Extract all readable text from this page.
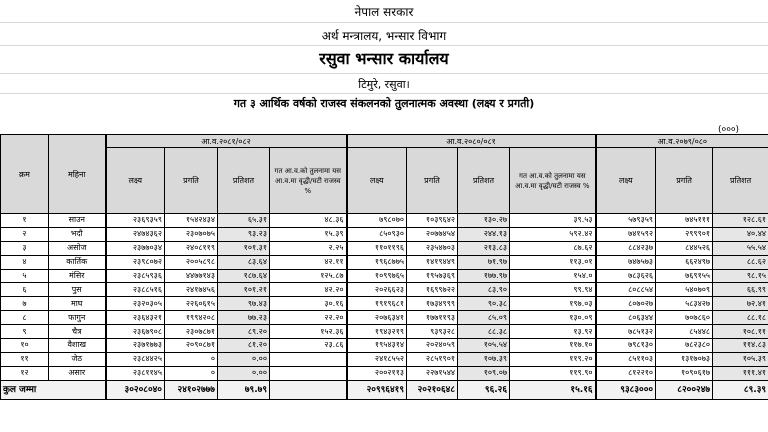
नेपाल सरकार
अर्थ मन्त्रालय, भन्सार विभाग
रसुवा भन्सार कार्यालय
टिमुरे, रसुवा।
गत ३ आर्थिक वर्षको राजस्व संकलनको तुलनात्मक अवस्था (लक्ष्य र प्रगती)
(०००)
क्रम	महिना	आ.व.२०८१/०८२				आ.व.२०८०/०८१				आ.व.२०७९/०८०		
		लक्ष्य	प्रगति	प्रतिशत	गत आ.व.को तुलनामा यस आ.व.मा वृद्धी/घटी राजस्व %	लक्ष्य	प्रगति	प्रतिशत	गत आ.व.को तुलनामा यस आ.व.मा वृद्धी/घटी राजस्व %	लक्ष्य	प्रगति	प्रतिशत
१	साउन	२३६९३५९	१५४२४३४	६५.३१	४८.३६	७९८०७०	१०३९६४२	१३०.२७	३९.५३	५७९३५९	७४५१११	१२८.६१
२	भदौ	२४७४३६२	२३०७०७५	९३.२३	१५.३९	८५०९३०	२०७७४५४	२४४.१३	५९२.४२	७४१५९२	२९९९०१	४०.४४
३	असोज	२३७७०३४	२४०८११९	१०१.३१	२.२५	११०११९६	२३५४७०३	२१३.८३	८७.६२	८८४२३७	८४४५२६	५५.५४
४	कार्तिक	२३९८०७२	२००५८९८	८३.६४	४२.११	१९६८७७५	१४१९४४९	७१.९७	११३.०१	७४७५७३	६६२४९७	८८.६२
५	मंसिर	२३८५९३६	४४७७१४३	१८७.६४	१२५.८७	१०९९७६५	१९५७३६९	१७७.९७	१५४.०	७८३६२६	७६९१५५	९८.१५
६	पुस	२३८८५१६	२४१७४५६	१०१.२१	४२.२०	२०२६६२३	१६९९७२२	८३.९०	९९.९४	८०८८५४	५४०७०९	६६.९९
७	माघ	२३२०३०५	२२६०६१५	९७.४३	३०.१६	१९१९६८१	१७३४९९९	९०.३८	१९७.०३	८०७०२७	५८३४२७	७२.४१
८	फागुन	२३६४३२१	१९९४२०८	७७.२३	२२.२०	२०७६३४१	१७७११९३	८५.०९	१३०.०९	८०६३४४	७०७८६०	८८.१८
९	चैत्र	२३६७९०८	२३०७८७१	८९.२०	१५२.३६	१९४३२१९	९३९३२८	८८.३८	१३.९२	७८५१३२	८५४४८	१०८.११
१०	वैशाख	२३७१७७३	२०९०८७१	८१.२०	२३.८६	१९५४३१४	२०२४०५९	१०५.५४	११७.१०	७९८१३०	७८२३८०	११४.८३
११	जेठ	२३८४४२५	०	०.००		२४१८५५२	२८५१९०१	१०७.३९	११९.२०	८५११०३	१३१७०७३	१०५.३९
१२	असार	२३८११४५	०	०.००		२००२११३	२२७१५४४	१०९.०७	११९.९०	८१२२१०	१०९०६१७	१११.४१
कुल जम्मा		३०२०८०४०	२४१०२७७७	७९.७९		२०९९६४१९	२०२१०६४८	९६.२६	१५.१६	९३८३०००	८२००२४७	८९.३९
